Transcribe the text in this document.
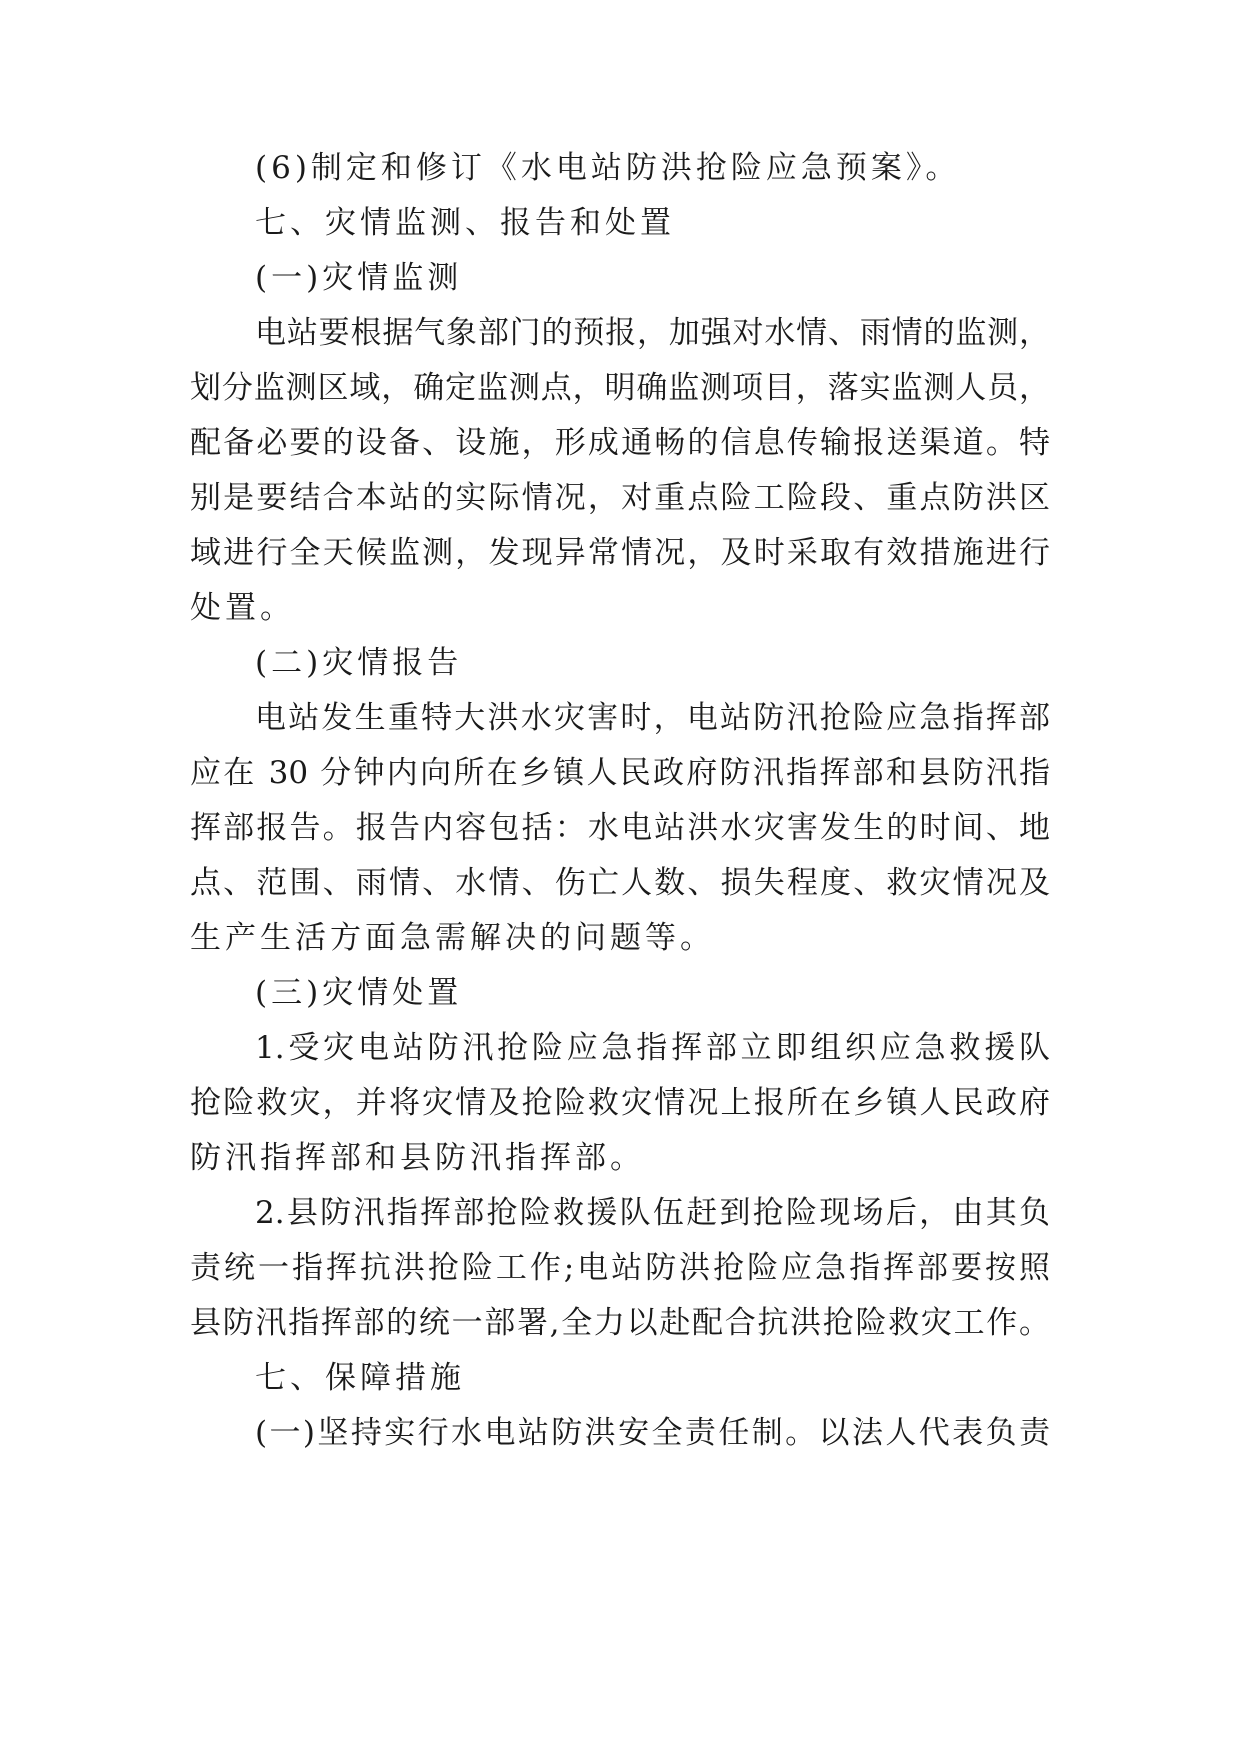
(6)制定和修订《水电站防洪抢险应急预案》。
七、灾情监测、报告和处置
(一)灾情监测
电站要根据气象部门的预报，加强对水情、雨情的监测，
划分监测区域，确定监测点，明确监测项目，落实监测人员，
配备必要的设备、设施，形成通畅的信息传输报送渠道。特
别是要结合本站的实际情况，对重点险工险段、重点防洪区
域进行全天候监测，发现异常情况，及时采取有效措施进行
处置。
(二)灾情报告
电站发生重特大洪水灾害时，电站防汛抢险应急指挥部
应在 30 分钟内向所在乡镇人民政府防汛指挥部和县防汛指
挥部报告。报告内容包括：水电站洪水灾害发生的时间、地
点、范围、雨情、水情、伤亡人数、损失程度、救灾情况及
生产生活方面急需解决的问题等。
(三)灾情处置
1.受灾电站防汛抢险应急指挥部立即组织应急救援队
抢险救灾，并将灾情及抢险救灾情况上报所在乡镇人民政府
防汛指挥部和县防汛指挥部。
2.县防汛指挥部抢险救援队伍赶到抢险现场后，由其负
责统一指挥抗洪抢险工作;电站防洪抢险应急指挥部要按照
县防汛指挥部的统一部署,全力以赴配合抗洪抢险救灾工作。
七、保障措施
(一)坚持实行水电站防洪安全责任制。以法人代表负责
